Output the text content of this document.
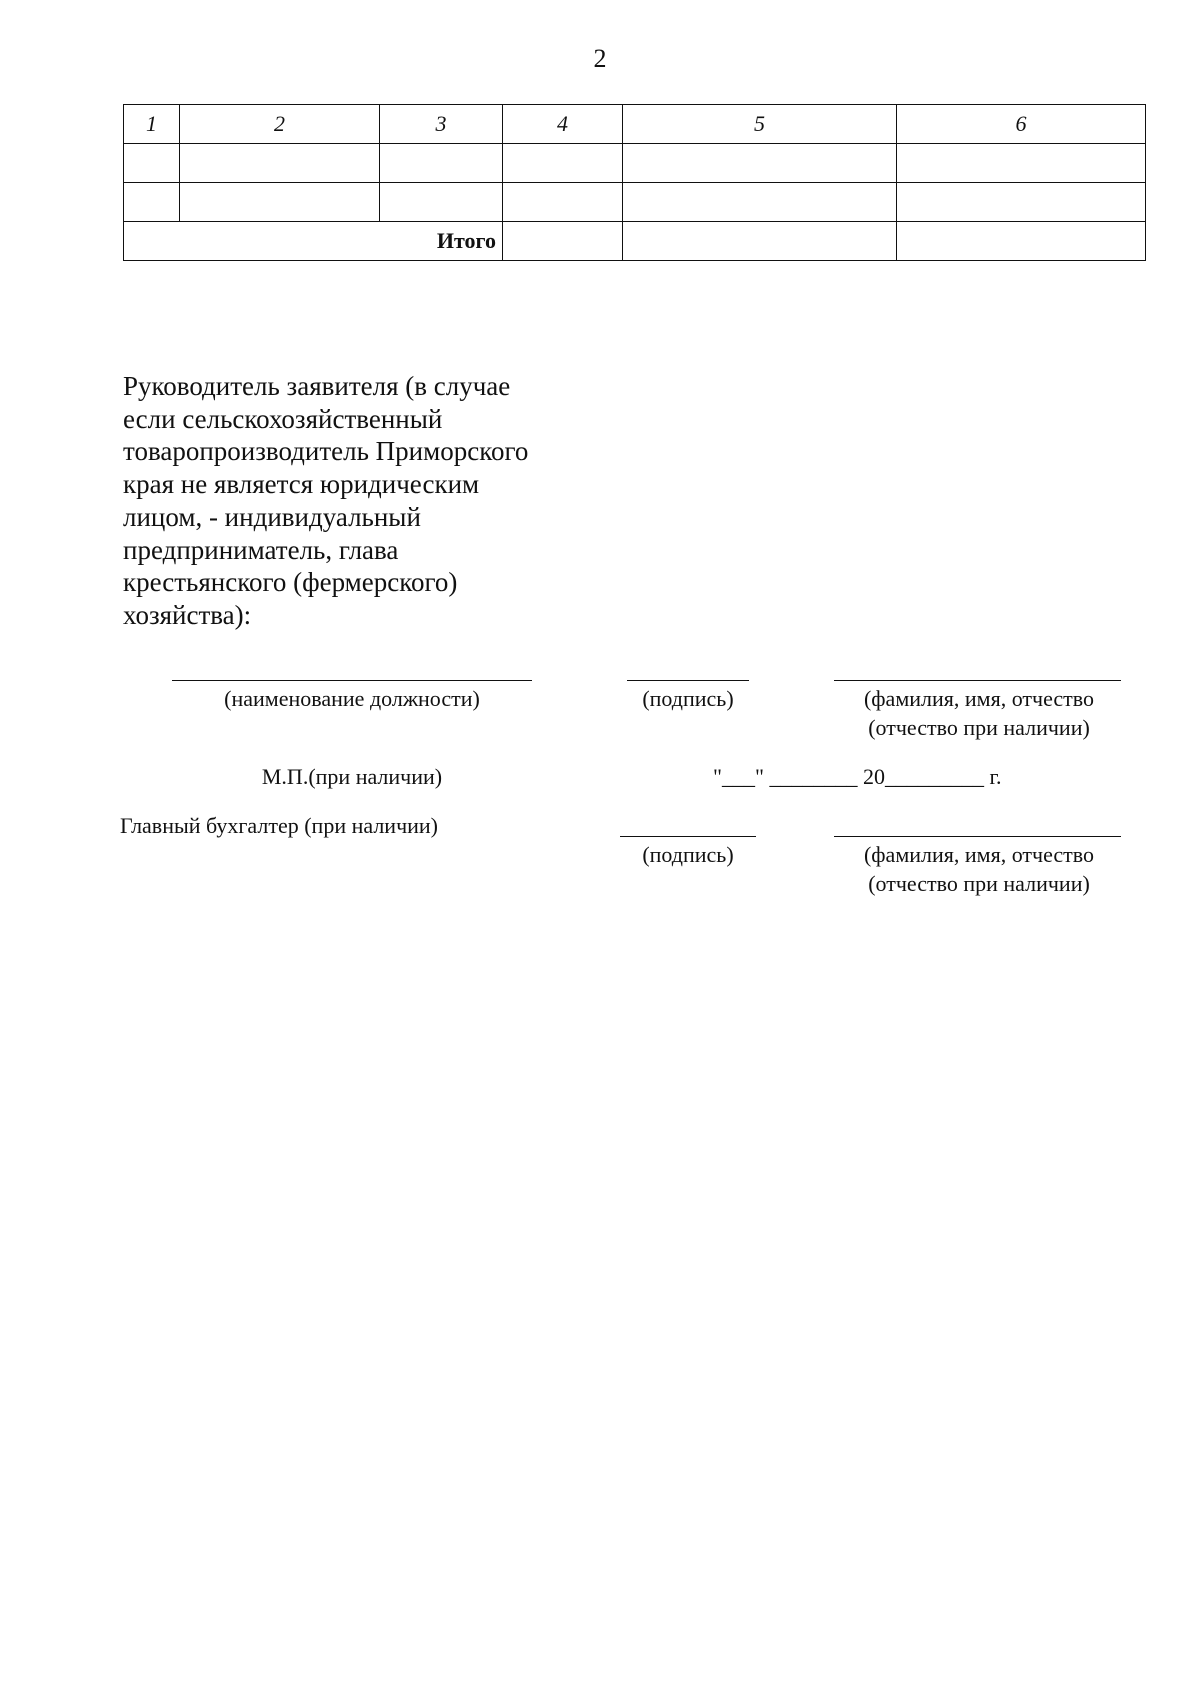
2
1	2	3	4	5	6

Итого					
Руководитель заявителя (в случае
если сельскохозяйственный
товаропроизводитель Приморского
края не является юридическим
лицом, - индивидуальный
предприниматель, глава
крестьянского (фермерского)
хозяйства):
(наименование должности)	(подпись)	(фамилия, имя, отчество
(отчество при наличии)
М.П.(при наличии)	"___" ________ 20_________ г.
Главный бухгалтер (при наличии)
(подпись)	(фамилия, имя, отчество
(отчество при наличии)
